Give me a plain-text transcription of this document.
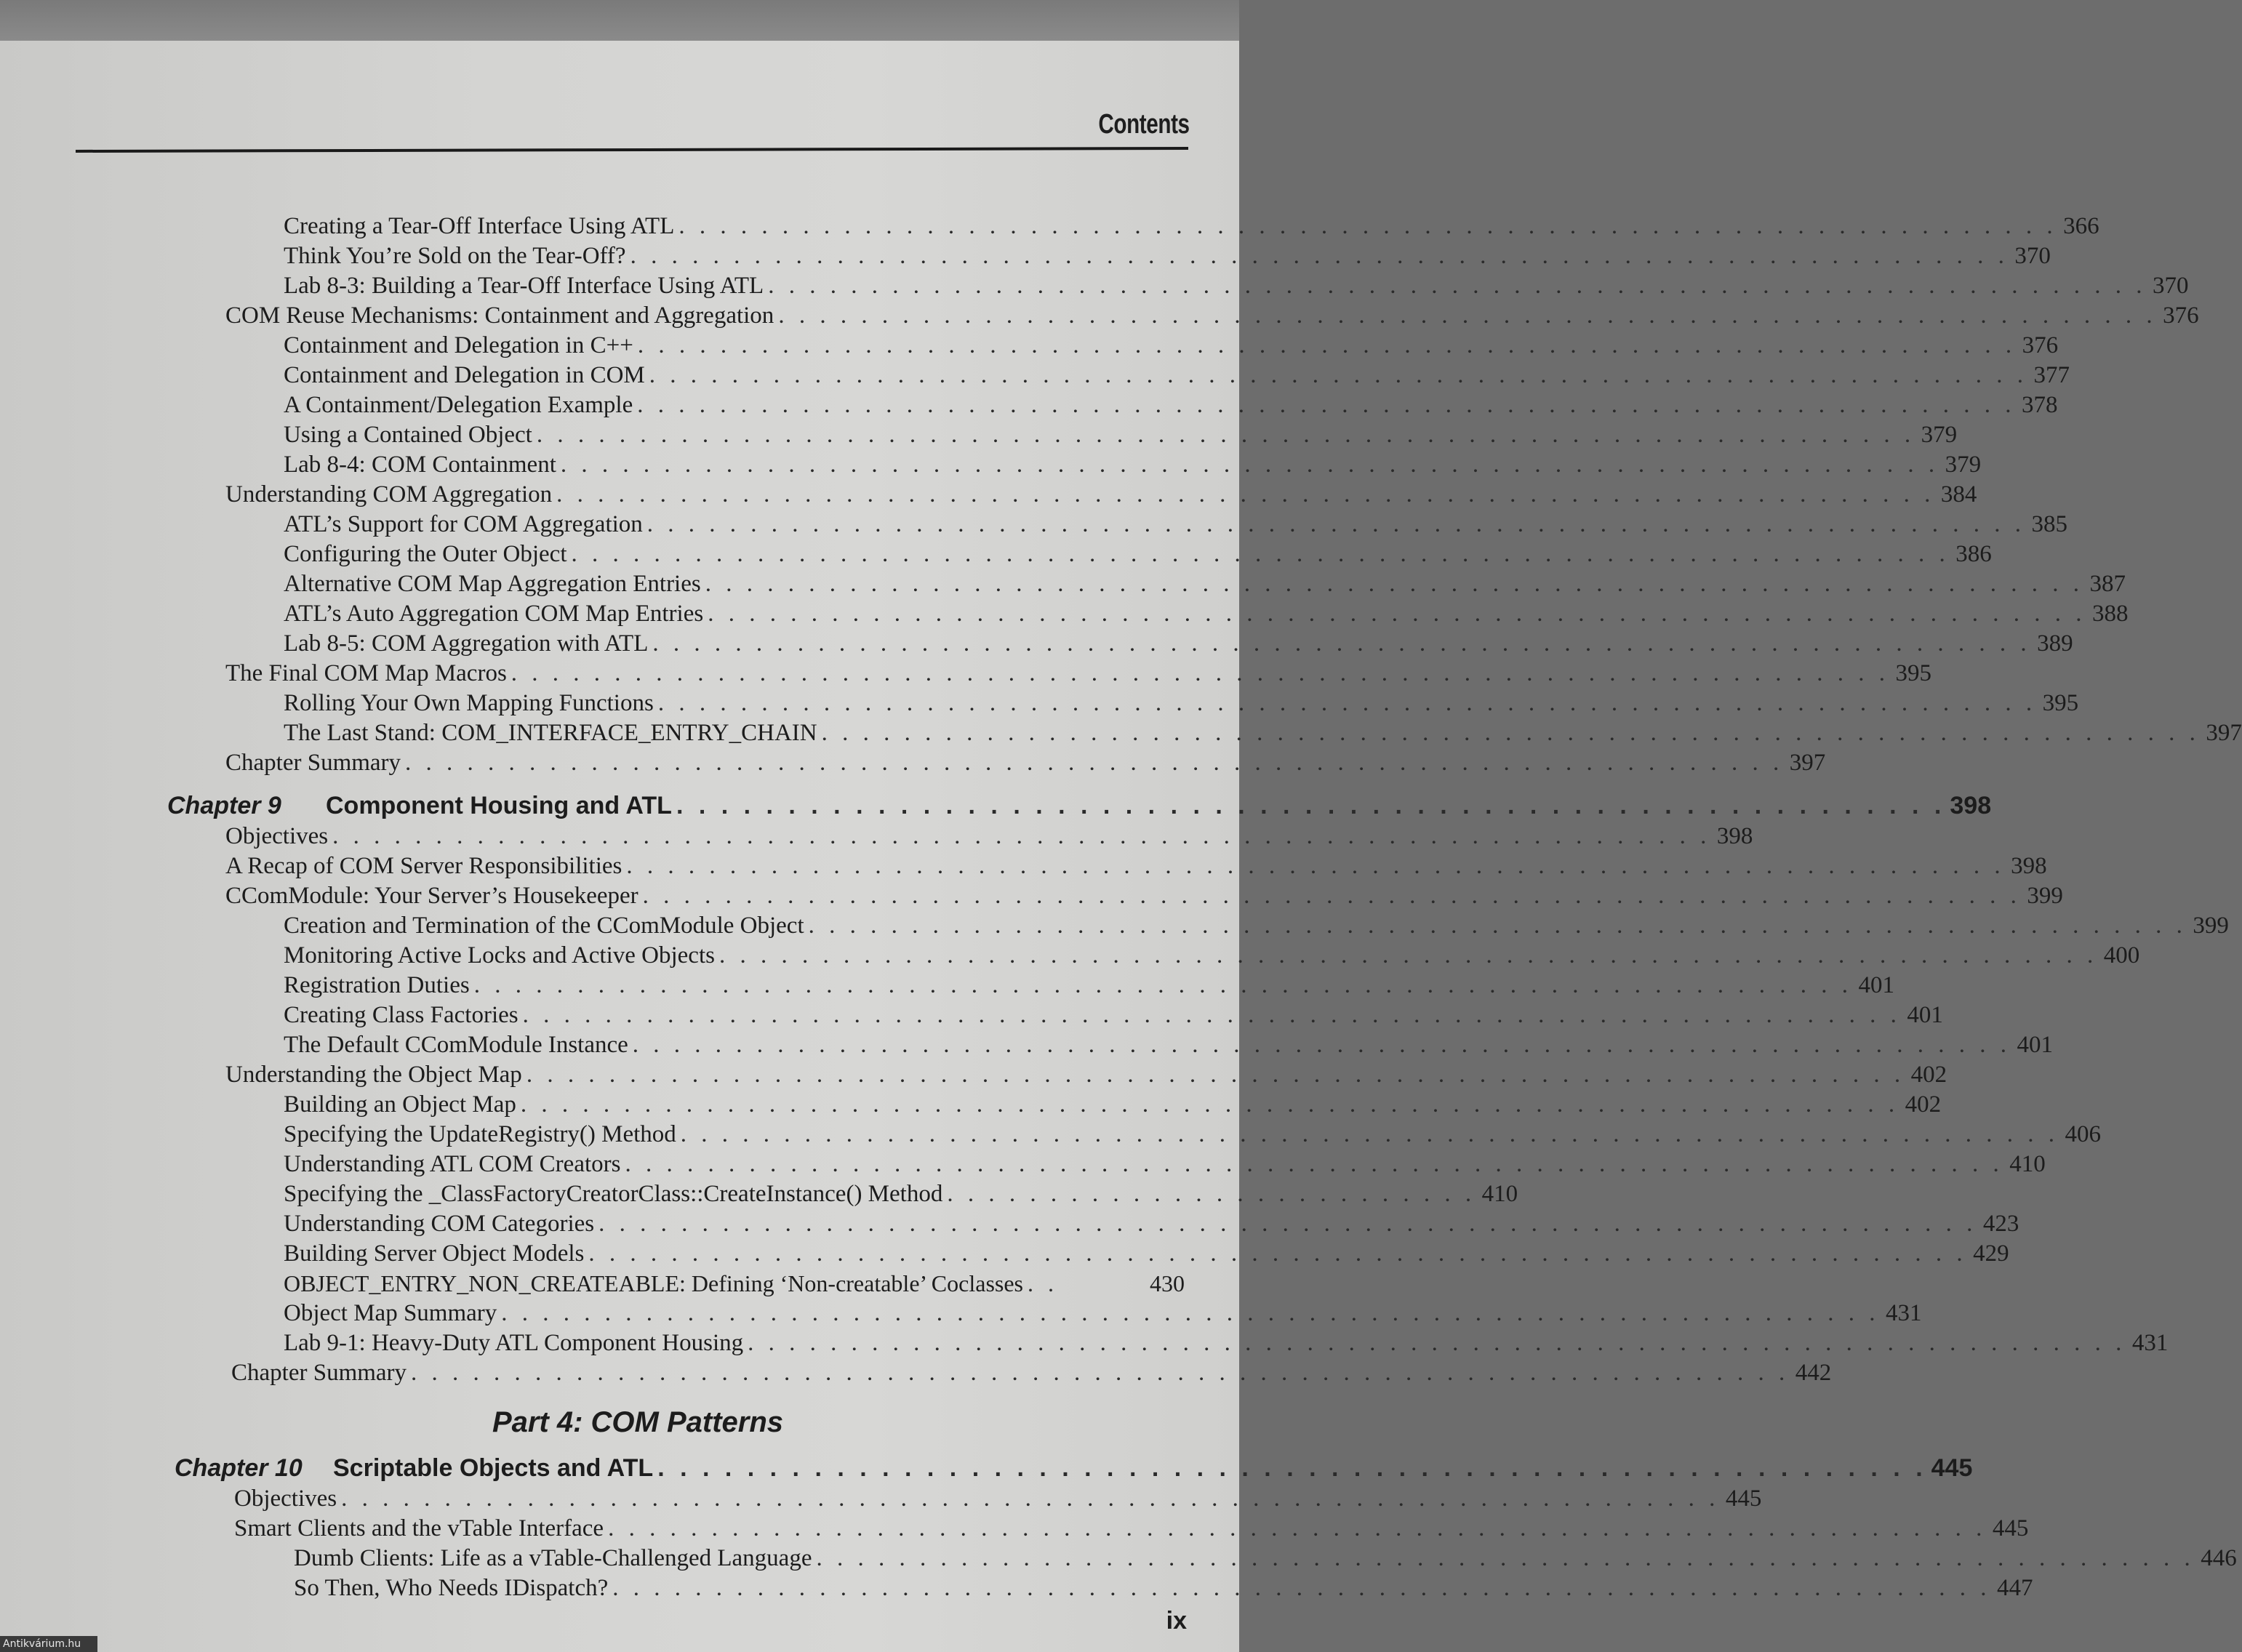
Contents
Creating a Tear-Off Interface Using ATL . . . . . . . . . . . . . . . . . . . . . . . . . . . . . . . . . . . . . . . . . . . . . . . . . . . . . . . . . . . . . . . . . . . 366
Think You’re Sold on the Tear-Off? . . . . . . . . . . . . . . . . . . . . . . . . . . . . . . . . . . . . . . . . . . . . . . . . . . . . . . . . . . . . . . . . . . . 370
Lab 8-3: Building a Tear-Off Interface Using ATL . . . . . . . . . . . . . . . . . . . . . . . . . . . . . . . . . . . . . . . . . . . . . . . . . . . . . . . . . . . . . . . . . . . 370
COM Reuse Mechanisms: Containment and Aggregation . . . . . . . . . . . . . . . . . . . . . . . . . . . . . . . . . . . . . . . . . . . . . . . . . . . . . . . . . . . . . . . . . . . 376
Containment and Delegation in C++ . . . . . . . . . . . . . . . . . . . . . . . . . . . . . . . . . . . . . . . . . . . . . . . . . . . . . . . . . . . . . . . . . . . 376
Containment and Delegation in COM . . . . . . . . . . . . . . . . . . . . . . . . . . . . . . . . . . . . . . . . . . . . . . . . . . . . . . . . . . . . . . . . . . . 377
A Containment/Delegation Example . . . . . . . . . . . . . . . . . . . . . . . . . . . . . . . . . . . . . . . . . . . . . . . . . . . . . . . . . . . . . . . . . . . 378
Using a Contained Object . . . . . . . . . . . . . . . . . . . . . . . . . . . . . . . . . . . . . . . . . . . . . . . . . . . . . . . . . . . . . . . . . . . 379
Lab 8-4: COM Containment . . . . . . . . . . . . . . . . . . . . . . . . . . . . . . . . . . . . . . . . . . . . . . . . . . . . . . . . . . . . . . . . . . . 379
Understanding COM Aggregation . . . . . . . . . . . . . . . . . . . . . . . . . . . . . . . . . . . . . . . . . . . . . . . . . . . . . . . . . . . . . . . . . . . 384
ATL’s Support for COM Aggregation . . . . . . . . . . . . . . . . . . . . . . . . . . . . . . . . . . . . . . . . . . . . . . . . . . . . . . . . . . . . . . . . . . . 385
Configuring the Outer Object . . . . . . . . . . . . . . . . . . . . . . . . . . . . . . . . . . . . . . . . . . . . . . . . . . . . . . . . . . . . . . . . . . . 386
Alternative COM Map Aggregation Entries . . . . . . . . . . . . . . . . . . . . . . . . . . . . . . . . . . . . . . . . . . . . . . . . . . . . . . . . . . . . . . . . . . . 387
ATL’s Auto Aggregation COM Map Entries . . . . . . . . . . . . . . . . . . . . . . . . . . . . . . . . . . . . . . . . . . . . . . . . . . . . . . . . . . . . . . . . . . . 388
Lab 8-5: COM Aggregation with ATL . . . . . . . . . . . . . . . . . . . . . . . . . . . . . . . . . . . . . . . . . . . . . . . . . . . . . . . . . . . . . . . . . . . 389
The Final COM Map Macros . . . . . . . . . . . . . . . . . . . . . . . . . . . . . . . . . . . . . . . . . . . . . . . . . . . . . . . . . . . . . . . . . . . 395
Rolling Your Own Mapping Functions . . . . . . . . . . . . . . . . . . . . . . . . . . . . . . . . . . . . . . . . . . . . . . . . . . . . . . . . . . . . . . . . . . . 395
The Last Stand: COM_INTERFACE_ENTRY_CHAIN . . . . . . . . . . . . . . . . . . . . . . . . . . . . . . . . . . . . . . . . . . . . . . . . . . . . . . . . . . . . . . . . . . . 397
Chapter Summary . . . . . . . . . . . . . . . . . . . . . . . . . . . . . . . . . . . . . . . . . . . . . . . . . . . . . . . . . . . . . . . . . . . 397
Chapter 9 Component Housing and ATL . . . . . . . . . . . . . . . . . . . . . . . . . . . . . . . . . . . . . . . . . . . . . . . . . . . . . . . . . 398
Objectives . . . . . . . . . . . . . . . . . . . . . . . . . . . . . . . . . . . . . . . . . . . . . . . . . . . . . . . . . . . . . . . . . . . 398
A Recap of COM Server Responsibilities . . . . . . . . . . . . . . . . . . . . . . . . . . . . . . . . . . . . . . . . . . . . . . . . . . . . . . . . . . . . . . . . . . . 398
CComModule: Your Server’s Housekeeper . . . . . . . . . . . . . . . . . . . . . . . . . . . . . . . . . . . . . . . . . . . . . . . . . . . . . . . . . . . . . . . . . . . 399
Creation and Termination of the CComModule Object . . . . . . . . . . . . . . . . . . . . . . . . . . . . . . . . . . . . . . . . . . . . . . . . . . . . . . . . . . . . . . . . . . . 399
Monitoring Active Locks and Active Objects . . . . . . . . . . . . . . . . . . . . . . . . . . . . . . . . . . . . . . . . . . . . . . . . . . . . . . . . . . . . . . . . . . . 400
Registration Duties . . . . . . . . . . . . . . . . . . . . . . . . . . . . . . . . . . . . . . . . . . . . . . . . . . . . . . . . . . . . . . . . . . . 401
Creating Class Factories . . . . . . . . . . . . . . . . . . . . . . . . . . . . . . . . . . . . . . . . . . . . . . . . . . . . . . . . . . . . . . . . . . . 401
The Default CComModule Instance . . . . . . . . . . . . . . . . . . . . . . . . . . . . . . . . . . . . . . . . . . . . . . . . . . . . . . . . . . . . . . . . . . . 401
Understanding the Object Map . . . . . . . . . . . . . . . . . . . . . . . . . . . . . . . . . . . . . . . . . . . . . . . . . . . . . . . . . . . . . . . . . . . 402
Building an Object Map . . . . . . . . . . . . . . . . . . . . . . . . . . . . . . . . . . . . . . . . . . . . . . . . . . . . . . . . . . . . . . . . . . . 402
Specifying the UpdateRegistry() Method . . . . . . . . . . . . . . . . . . . . . . . . . . . . . . . . . . . . . . . . . . . . . . . . . . . . . . . . . . . . . . . . . . . 406
Understanding ATL COM Creators . . . . . . . . . . . . . . . . . . . . . . . . . . . . . . . . . . . . . . . . . . . . . . . . . . . . . . . . . . . . . . . . . . . 410
Specifying the _ClassFactoryCreatorClass::CreateInstance() Method . . . . . . . . . . . . . . . . . . . . . . . . . . 410
Understanding COM Categories . . . . . . . . . . . . . . . . . . . . . . . . . . . . . . . . . . . . . . . . . . . . . . . . . . . . . . . . . . . . . . . . . . . 423
Building Server Object Models . . . . . . . . . . . . . . . . . . . . . . . . . . . . . . . . . . . . . . . . . . . . . . . . . . . . . . . . . . . . . . . . . . . 429
OBJECT_ENTRY_NON_CREATEABLE: Defining ‘Non-creatable’ Coclasses . .	430
Object Map Summary . . . . . . . . . . . . . . . . . . . . . . . . . . . . . . . . . . . . . . . . . . . . . . . . . . . . . . . . . . . . . . . . . . . 431
Lab 9-1: Heavy-Duty ATL Component Housing . . . . . . . . . . . . . . . . . . . . . . . . . . . . . . . . . . . . . . . . . . . . . . . . . . . . . . . . . . . . . . . . . . . 431
Chapter Summary . . . . . . . . . . . . . . . . . . . . . . . . . . . . . . . . . . . . . . . . . . . . . . . . . . . . . . . . . . . . . . . . . . . 442
Part 4: COM Patterns
Chapter 10 Scriptable Objects and ATL . . . . . . . . . . . . . . . . . . . . . . . . . . . . . . . . . . . . . . . . . . . . . . . . . . . . . . . . . 445
Objectives . . . . . . . . . . . . . . . . . . . . . . . . . . . . . . . . . . . . . . . . . . . . . . . . . . . . . . . . . . . . . . . . . . . 445
Smart Clients and the vTable Interface . . . . . . . . . . . . . . . . . . . . . . . . . . . . . . . . . . . . . . . . . . . . . . . . . . . . . . . . . . . . . . . . . . . 445
Dumb Clients: Life as a vTable-Challenged Language . . . . . . . . . . . . . . . . . . . . . . . . . . . . . . . . . . . . . . . . . . . . . . . . . . . . . . . . . . . . . . . . . . . 446
So Then, Who Needs IDispatch? . . . . . . . . . . . . . . . . . . . . . . . . . . . . . . . . . . . . . . . . . . . . . . . . . . . . . . . . . . . . . . . . . . . 447
ix
Antikvárium.hu
